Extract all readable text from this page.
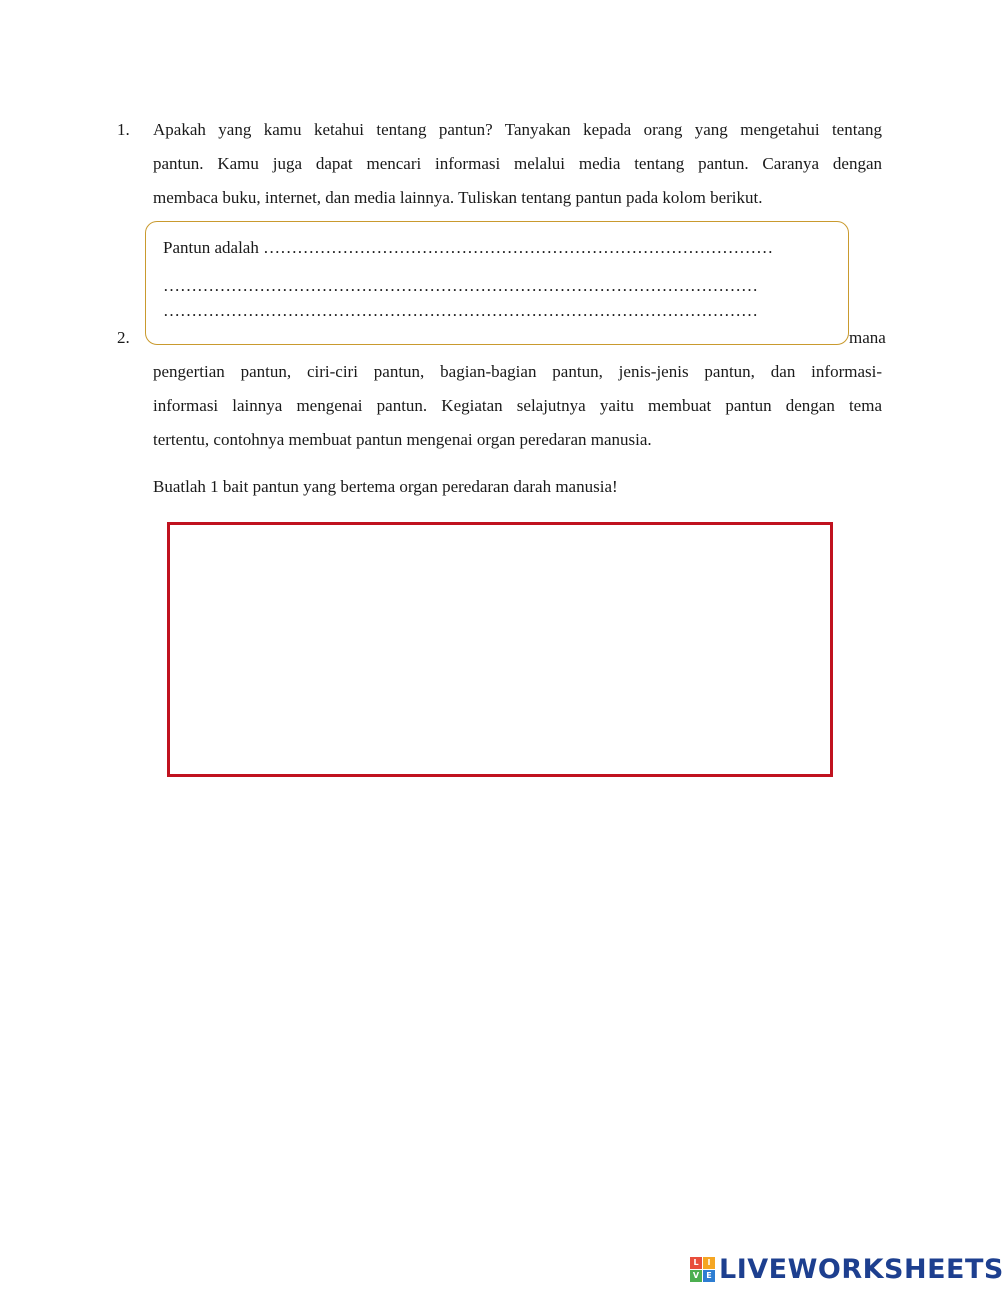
1. Apakah yang kamu ketahui tentang pantun? Tanyakan kepada orang yang mengetahui tentang
pantun. Kamu juga dapat mencari informasi melalui media tentang pantun. Caranya dengan
membaca buku, internet, dan media lainnya. Tuliskan tentang pantun pada kolom berikut.
2.	mana
pengertian pantun, ciri-ciri pantun, bagian-bagian pantun, jenis-jenis pantun, dan informasi-
informasi lainnya mengenai pantun. Kegiatan selajutnya yaitu membuat pantun dengan tema
tertentu, contohnya membuat pantun mengenai organ peredaran manusia.
Pantun adalah ………………………………………………………………………………
……………………………………………………………………………………………
……………………………………………………………………………………………
Buatlah 1 bait pantun yang bertema organ peredaran darah manusia!
L	I
V E LIVEWORKSHEETS
